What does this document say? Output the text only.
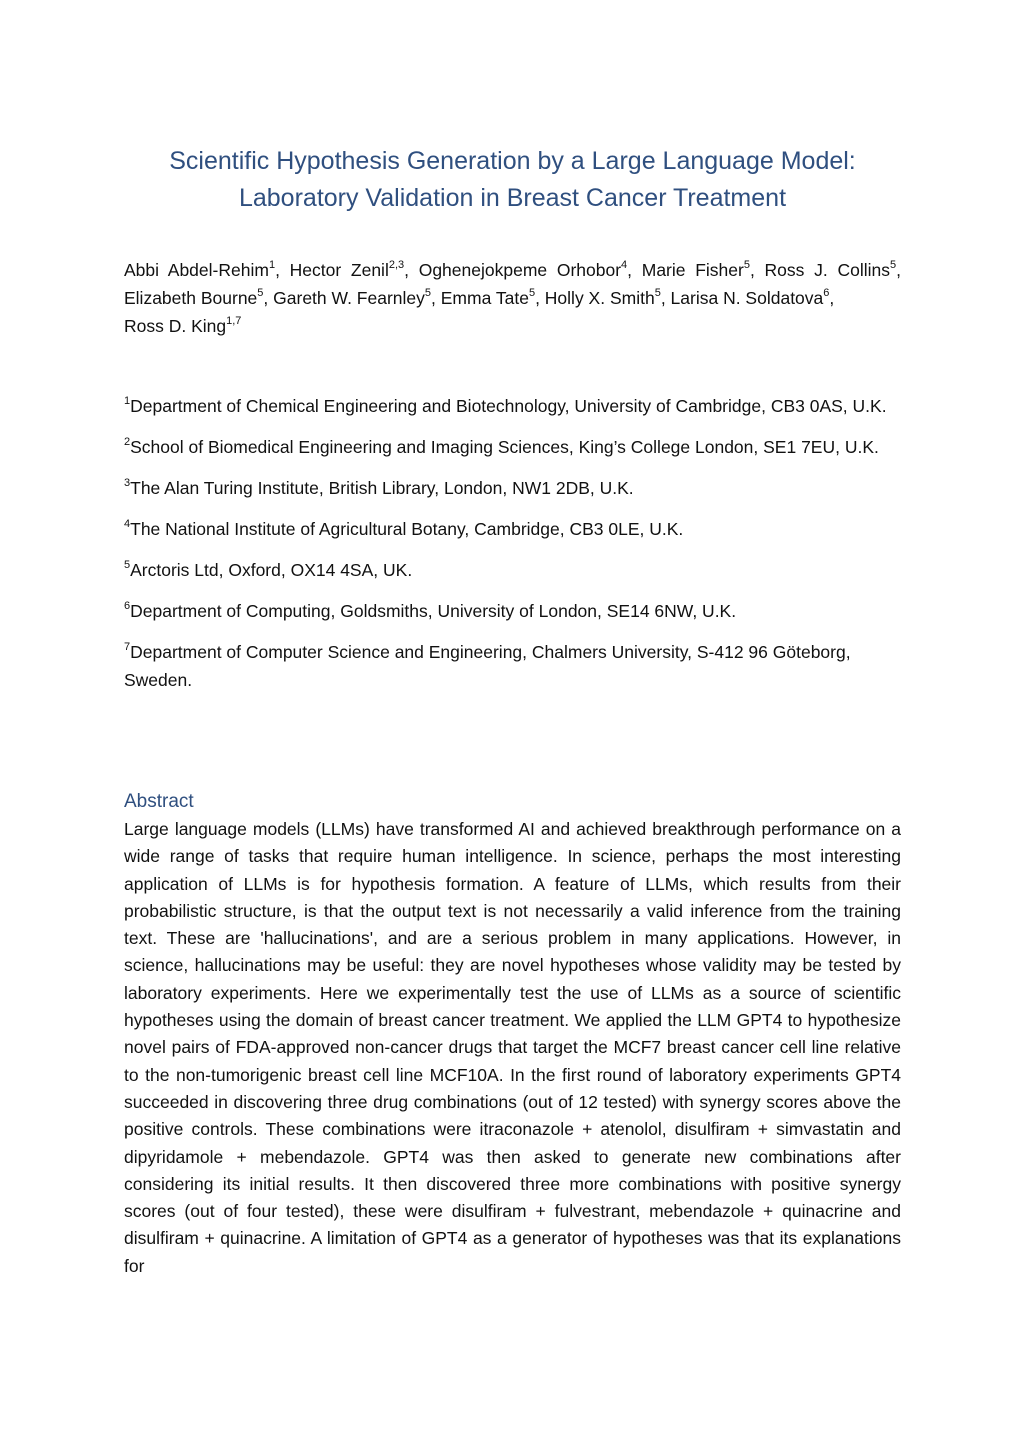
Scientific Hypothesis Generation by a Large Language Model:
Laboratory Validation in Breast Cancer Treatment
Abbi Abdel-Rehim$^1$, Hector Zenil$^{2,3}$, Oghenejokpeme Orhobor$^4$, Marie Fisher$^5$, Ross J. Collins$^5$, Elizabeth Bourne$^5$, Gareth W. Fearnley$^5$, Emma Tate$^5$, Holly X. Smith$^5$, Larisa N. Soldatova$^6$,
Ross D. King$^{1,7}$

$^1$Department of Chemical Engineering and Biotechnology, University of Cambridge, CB3 0AS, U.K.

$^2$School of Biomedical Engineering and Imaging Sciences, King’s College London, SE1 7EU, U.K.

$^3$The Alan Turing Institute, British Library, London, NW1 2DB, U.K.

$^4$The National Institute of Agricultural Botany, Cambridge, CB3 0LE, U.K.

$^5$Arctoris Ltd, Oxford, OX14 4SA, UK.

$^6$Department of Computing, Goldsmiths, University of London, SE14 6NW, U.K.

$^7$Department of Computer Science and Engineering, Chalmers University, S-412 96 Göteborg, Sweden.

Abstract

Large language models (LLMs) have transformed AI and achieved breakthrough performance on a wide range of tasks that require human intelligence. In science, perhaps the most interesting application of LLMs is for hypothesis formation. A feature of LLMs, which results from their probabilistic structure, is that the output text is not necessarily a valid inference from the training text. These are 'hallucinations', and are a serious problem in many applications. However, in science, hallucinations may be useful: they are novel hypotheses whose validity may be tested by laboratory experiments. Here we experimentally test the use of LLMs as a source of scientific hypotheses using the domain of breast cancer treatment. We applied the LLM GPT4 to hypothesize novel pairs of FDA-approved non-cancer drugs that target the MCF7 breast cancer cell line relative to the non-tumorigenic breast cell line MCF10A. In the first round of laboratory experiments GPT4 succeeded in discovering three drug combinations (out of 12 tested) with synergy scores above the positive controls. These combinations were itraconazole + atenolol, disulfiram + simvastatin and dipyridamole + mebendazole. GPT4 was then asked to generate new combinations after considering its initial results. It then discovered three more combinations with positive synergy scores (out of four tested), these were disulfiram + fulvestrant, mebendazole + quinacrine and disulfiram + quinacrine. A limitation of GPT4 as a generator of hypotheses was that its explanations for
